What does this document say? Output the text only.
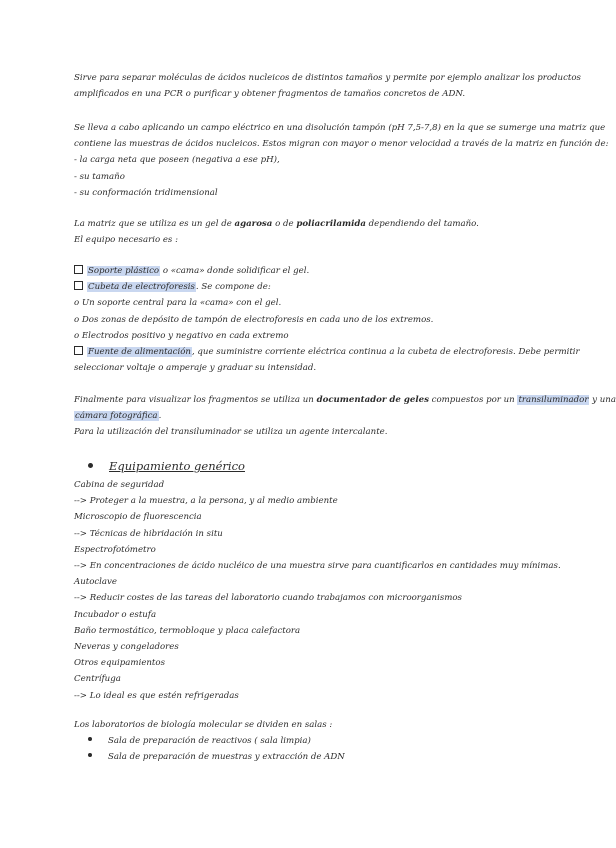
Sirve para separar moléculas de ácidos nucleicos de distintos tamaños y permite por ejemplo analizar los productos
amplificados en una PCR o purificar y obtener fragmentos de tamaños concretos de ADN.
Se lleva a cabo aplicando un campo eléctrico en una disolución tampón (pH 7,5-7,8) en la que se sumerge una matriz que
contiene las muestras de ácidos nucleicos. Estos migran con mayor o menor velocidad a través de la matriz en función de:
- la carga neta que poseen (negativa a ese pH),
- su tamaño
- su conformación tridimensional
La matriz que se utiliza es un gel de agarosa o de poliacrilamida dependiendo del tamaño.
El equipo necesario es :
Soporte plástico o «cama» donde solidificar el gel.
Cubeta de electroforesis. Se compone de:
o Un soporte central para la «cama» con el gel.
o Dos zonas de depósito de tampón de electroforesis en cada uno de los extremos.
o Electrodos positivo y negativo en cada extremo
Fuente de alimentación, que suministre corriente eléctrica continua a la cubeta de electroforesis. Debe permitir
seleccionar voltaje o amperaje y graduar su intensidad.
Finalmente para visualizar los fragmentos se utiliza un documentador de geles compuestos por un transiluminador y una
cámara fotográfica.
Para la utilización del transiluminador se utiliza un agente intercalante.
Equipamiento genérico
Cabina de seguridad
--> Proteger a la muestra, a la persona, y al medio ambiente
Microscopio de fluorescencia
--> Técnicas de hibridación in situ
Espectrofotómetro
--> En concentraciones de ácido nucléico de una muestra sirve para cuantificarlos en cantidades muy mínimas.
Autoclave
--> Reducir costes de las tareas del laboratorio cuando trabajamos con microorganismos
Incubador o estufa
Baño termostático, termobloque y placa calefactora
Neveras y congeladores
Otros equipamientos
Centrífuga
--> Lo ideal es que estén refrigeradas
Los laboratorios de biología molecular se dividen en salas :
Sala de preparación de reactivos ( sala limpia)
Sala de preparación de muestras y extracción de ADN
